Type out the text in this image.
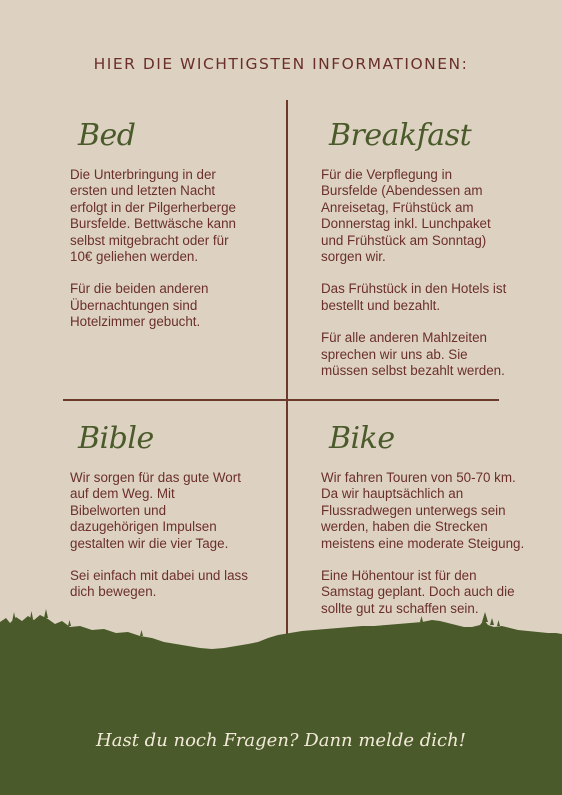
HIER DIE WICHTIGSTEN INFORMATIONEN:
Bed

Die Unterbringung in der
ersten und letzten Nacht
erfolgt in der Pilgerherberge
Bursfelde. Bettwäsche kann
selbst mitgebracht oder für
10€ geliehen werden.

Für die beiden anderen
Übernachtungen sind
Hotelzimmer gebucht.

Breakfast

Für die Verpflegung in
Bursfelde (Abendessen am
Anreisetag, Frühstück am
Donnerstag inkl. Lunchpaket
und Frühstück am Sonntag)
sorgen wir.

Das Frühstück in den Hotels ist
bestellt und bezahlt.

Für alle anderen Mahlzeiten
sprechen wir uns ab. Sie
müssen selbst bezahlt werden.

Bible

Wir sorgen für das gute Wort
auf dem Weg. Mit
Bibelworten und
dazugehörigen Impulsen
gestalten wir die vier Tage.

Sei einfach mit dabei und lass
dich bewegen.

Bike

Wir fahren Touren von 50-70 km.
Da wir hauptsächlich an
Flussradwegen unterwegs sein
werden, haben die Strecken
meistens eine moderate Steigung.

Eine Höhentour ist für den
Samstag geplant. Doch auch die
sollte gut zu schaffen sein.

Hast du noch Fragen? Dann melde dich!
